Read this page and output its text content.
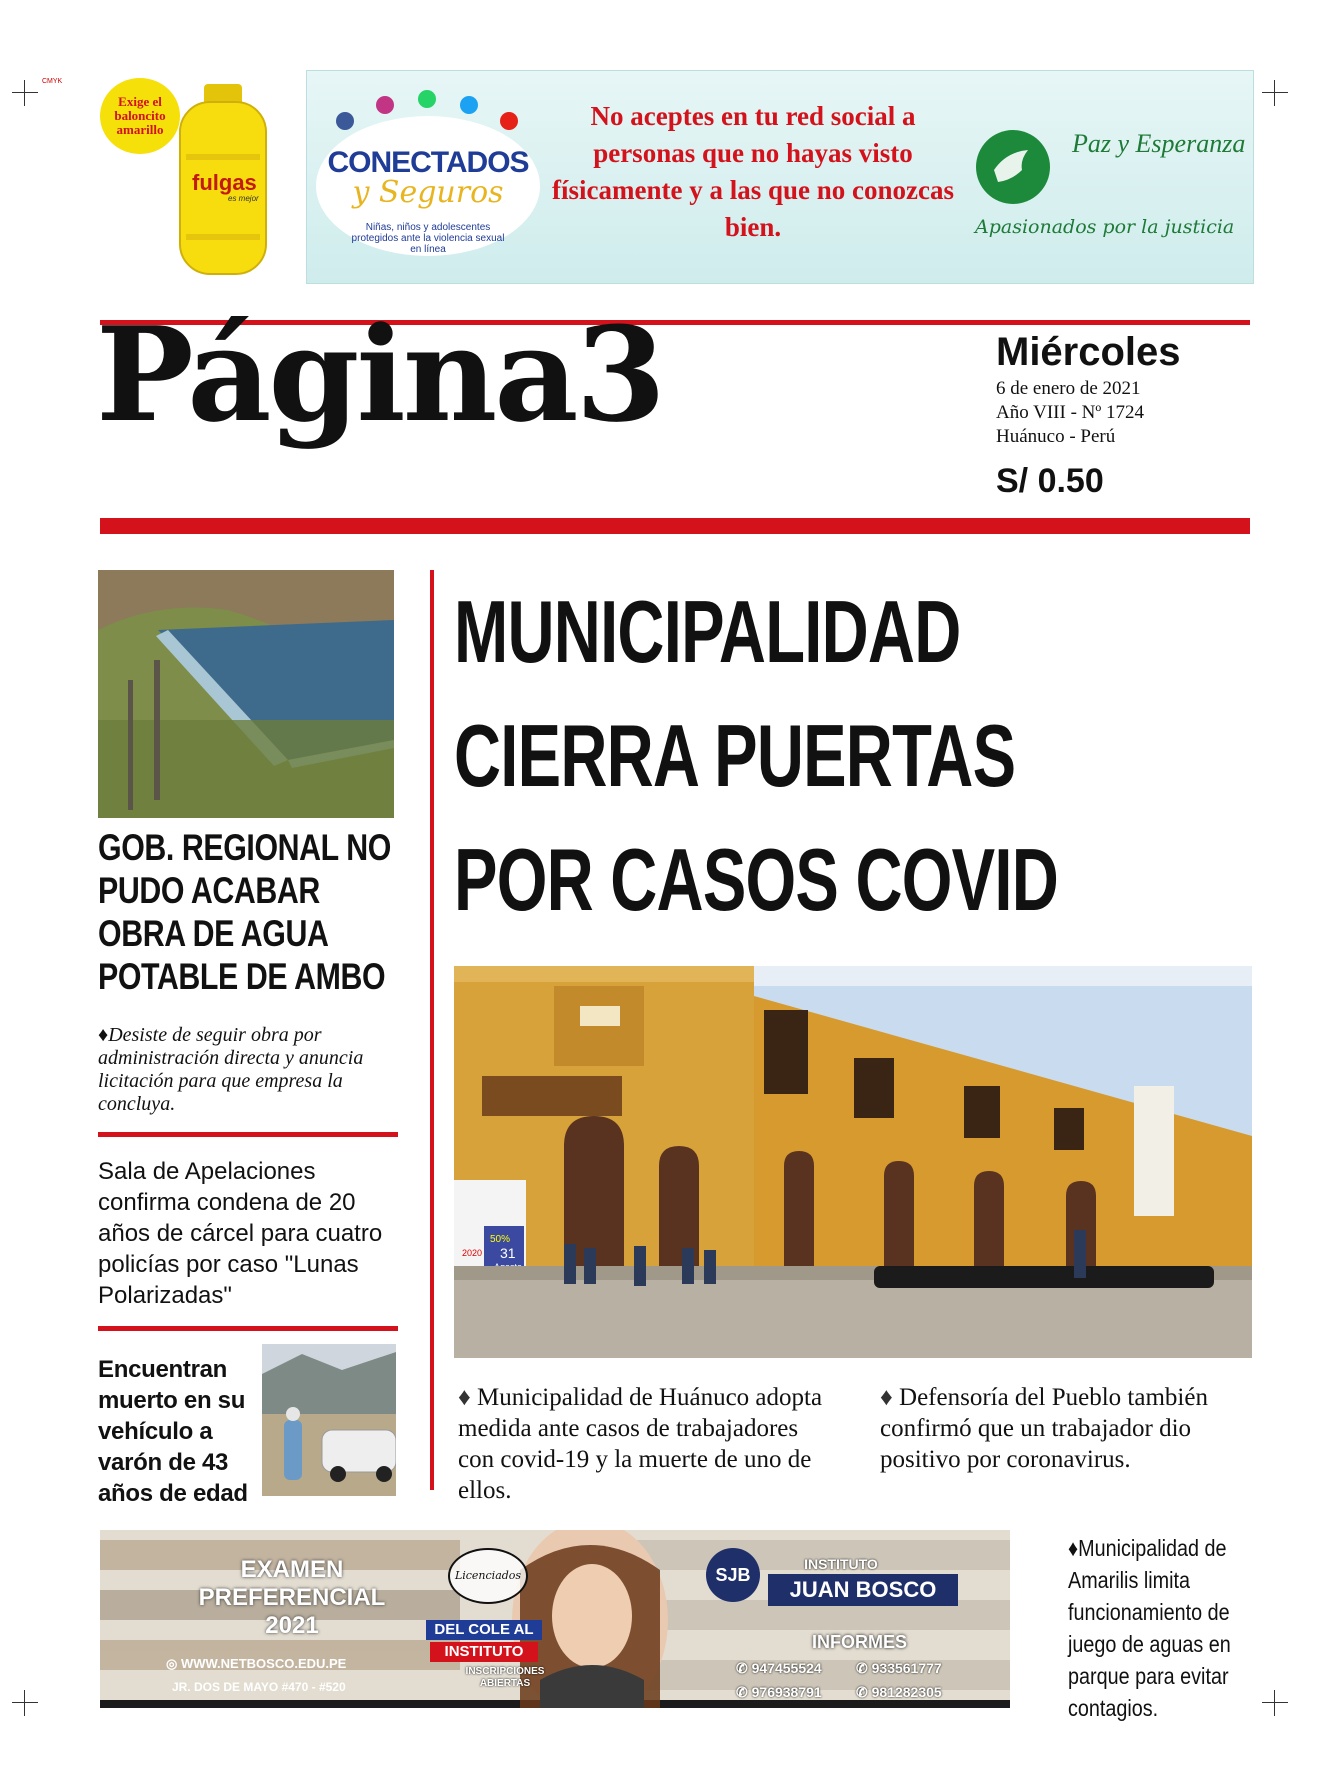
CMYK
Exige el baloncito amarillo
fulgas
es mejor
CONECTADOS
y Seguros
Niñas, niños y adolescentes protegidos ante la violencia sexual en línea
No aceptes en tu red social a personas que no hayas visto físicamente y a las que no conozcas bien.
Paz y Esperanza
Apasionados por la justicia
Página3	Miércoles
6 de enero de 2021
Año VIII - Nº 1724
Huánuco - Perú
S/ 0.50
GOB. REGIONAL NO PUDO ACABAR OBRA DE AGUA POTABLE DE AMBO
♦Desiste de seguir obra por administración directa y anuncia licitación para que empresa la concluya.
Sala de Apelaciones confirma condena de 20 años de cárcel para cuatro policías por caso "Lunas Polarizadas"
Encuentran muerto en su vehículo a varón de 43 años de edad
MUNICIPALIDAD
CIERRA PUERTAS
POR CASOS COVID
50%
2020 31
♦ Municipalidad de Huánuco adopta medida ante casos de trabajadores con covid-19 y la muerte de uno de ellos.
♦ Defensoría del Pueblo también confirmó que un trabajador dio positivo por coronavirus.
EXAMEN
PREFERENCIAL
2021
◎ WWW.NETBOSCO.EDU.PE
JR. DOS DE MAYO #470 - #520
Licenciados
DEL COLE AL
INSTITUTO
INSCRIPCIONES ABIERTAS
SJB
INSTITUTO
JUAN BOSCO
INFORMES
✆ 947455524 ✆ 933561777
✆ 976938791 ✆ 981282305
♦Municipalidad de Amarilis limita funcionamiento de juego de aguas en parque para evitar contagios.
